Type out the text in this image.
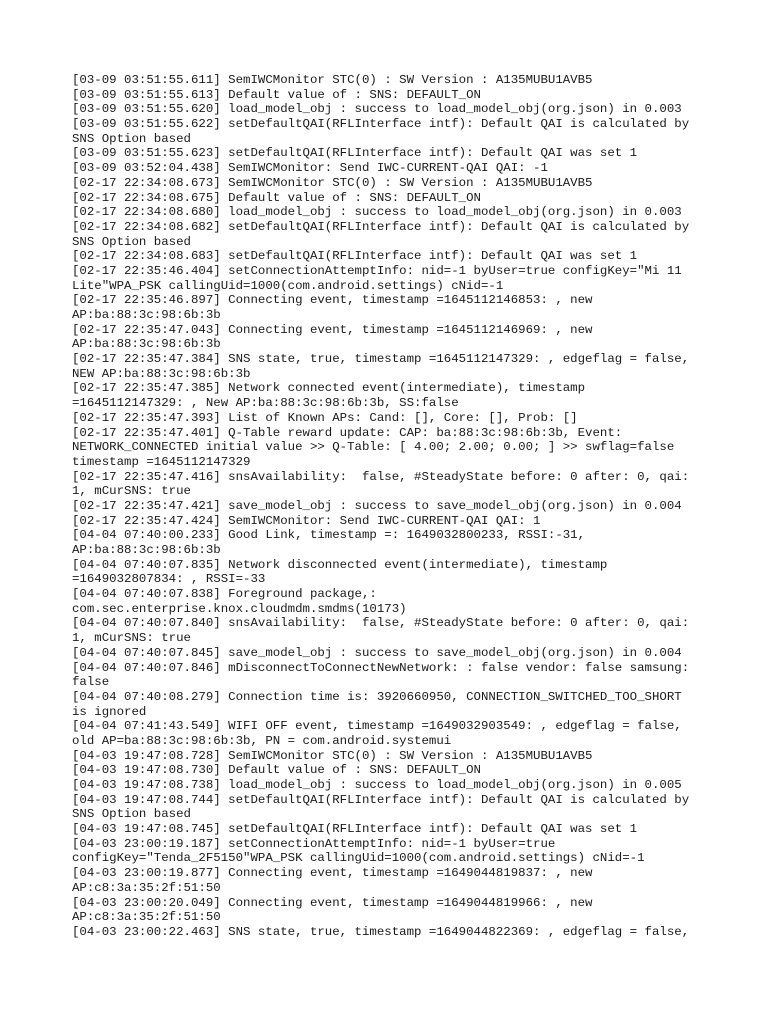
[03-09 03:51:55.611] SemIWCMonitor STC(0) : SW Version : A135MUBU1AVB5
[03-09 03:51:55.613] Default value of : SNS: DEFAULT_ON
[03-09 03:51:55.620] load_model_obj : success to load_model_obj(org.json) in 0.003
[03-09 03:51:55.622] setDefaultQAI(RFLInterface intf): Default QAI is calculated by
SNS Option based
[03-09 03:51:55.623] setDefaultQAI(RFLInterface intf): Default QAI was set 1
[03-09 03:52:04.438] SemIWCMonitor: Send IWC-CURRENT-QAI QAI: -1
[02-17 22:34:08.673] SemIWCMonitor STC(0) : SW Version : A135MUBU1AVB5
[02-17 22:34:08.675] Default value of : SNS: DEFAULT_ON
[02-17 22:34:08.680] load_model_obj : success to load_model_obj(org.json) in 0.003
[02-17 22:34:08.682] setDefaultQAI(RFLInterface intf): Default QAI is calculated by
SNS Option based
[02-17 22:34:08.683] setDefaultQAI(RFLInterface intf): Default QAI was set 1
[02-17 22:35:46.404] setConnectionAttemptInfo: nid=-1 byUser=true configKey="Mi 11
Lite"WPA_PSK callingUid=1000(com.android.settings) cNid=-1
[02-17 22:35:46.897] Connecting event, timestamp =1645112146853: , new
AP:ba:88:3c:98:6b:3b
[02-17 22:35:47.043] Connecting event, timestamp =1645112146969: , new
AP:ba:88:3c:98:6b:3b
[02-17 22:35:47.384] SNS state, true, timestamp =1645112147329: , edgeflag = false,
NEW AP:ba:88:3c:98:6b:3b
[02-17 22:35:47.385] Network connected event(intermediate), timestamp
=1645112147329: , New AP:ba:88:3c:98:6b:3b, SS:false
[02-17 22:35:47.393] List of Known APs: Cand: [], Core: [], Prob: []
[02-17 22:35:47.401] Q-Table reward update: CAP: ba:88:3c:98:6b:3b, Event:
NETWORK_CONNECTED initial value >> Q-Table: [ 4.00; 2.00; 0.00; ] >> swflag=false
timestamp =1645112147329
[02-17 22:35:47.416] snsAvailability:  false, #SteadyState before: 0 after: 0, qai:
1, mCurSNS: true
[02-17 22:35:47.421] save_model_obj : success to save_model_obj(org.json) in 0.004
[02-17 22:35:47.424] SemIWCMonitor: Send IWC-CURRENT-QAI QAI: 1
[04-04 07:40:00.233] Good Link, timestamp =: 1649032800233, RSSI:-31,
AP:ba:88:3c:98:6b:3b
[04-04 07:40:07.835] Network disconnected event(intermediate), timestamp
=1649032807834: , RSSI=-33
[04-04 07:40:07.838] Foreground package,:
com.sec.enterprise.knox.cloudmdm.smdms(10173)
[04-04 07:40:07.840] snsAvailability:  false, #SteadyState before: 0 after: 0, qai:
1, mCurSNS: true
[04-04 07:40:07.845] save_model_obj : success to save_model_obj(org.json) in 0.004
[04-04 07:40:07.846] mDisconnectToConnectNewNetwork: : false vendor: false samsung:
false
[04-04 07:40:08.279] Connection time is: 3920660950, CONNECTION_SWITCHED_TOO_SHORT
is ignored
[04-04 07:41:43.549] WIFI OFF event, timestamp =1649032903549: , edgeflag = false,
old AP=ba:88:3c:98:6b:3b, PN = com.android.systemui
[04-03 19:47:08.728] SemIWCMonitor STC(0) : SW Version : A135MUBU1AVB5
[04-03 19:47:08.730] Default value of : SNS: DEFAULT_ON
[04-03 19:47:08.738] load_model_obj : success to load_model_obj(org.json) in 0.005
[04-03 19:47:08.744] setDefaultQAI(RFLInterface intf): Default QAI is calculated by
SNS Option based
[04-03 19:47:08.745] setDefaultQAI(RFLInterface intf): Default QAI was set 1
[04-03 23:00:19.187] setConnectionAttemptInfo: nid=-1 byUser=true
configKey="Tenda_2F5150"WPA_PSK callingUid=1000(com.android.settings) cNid=-1
[04-03 23:00:19.877] Connecting event, timestamp =1649044819837: , new
AP:c8:3a:35:2f:51:50
[04-03 23:00:20.049] Connecting event, timestamp =1649044819966: , new
AP:c8:3a:35:2f:51:50
[04-03 23:00:22.463] SNS state, true, timestamp =1649044822369: , edgeflag = false,
